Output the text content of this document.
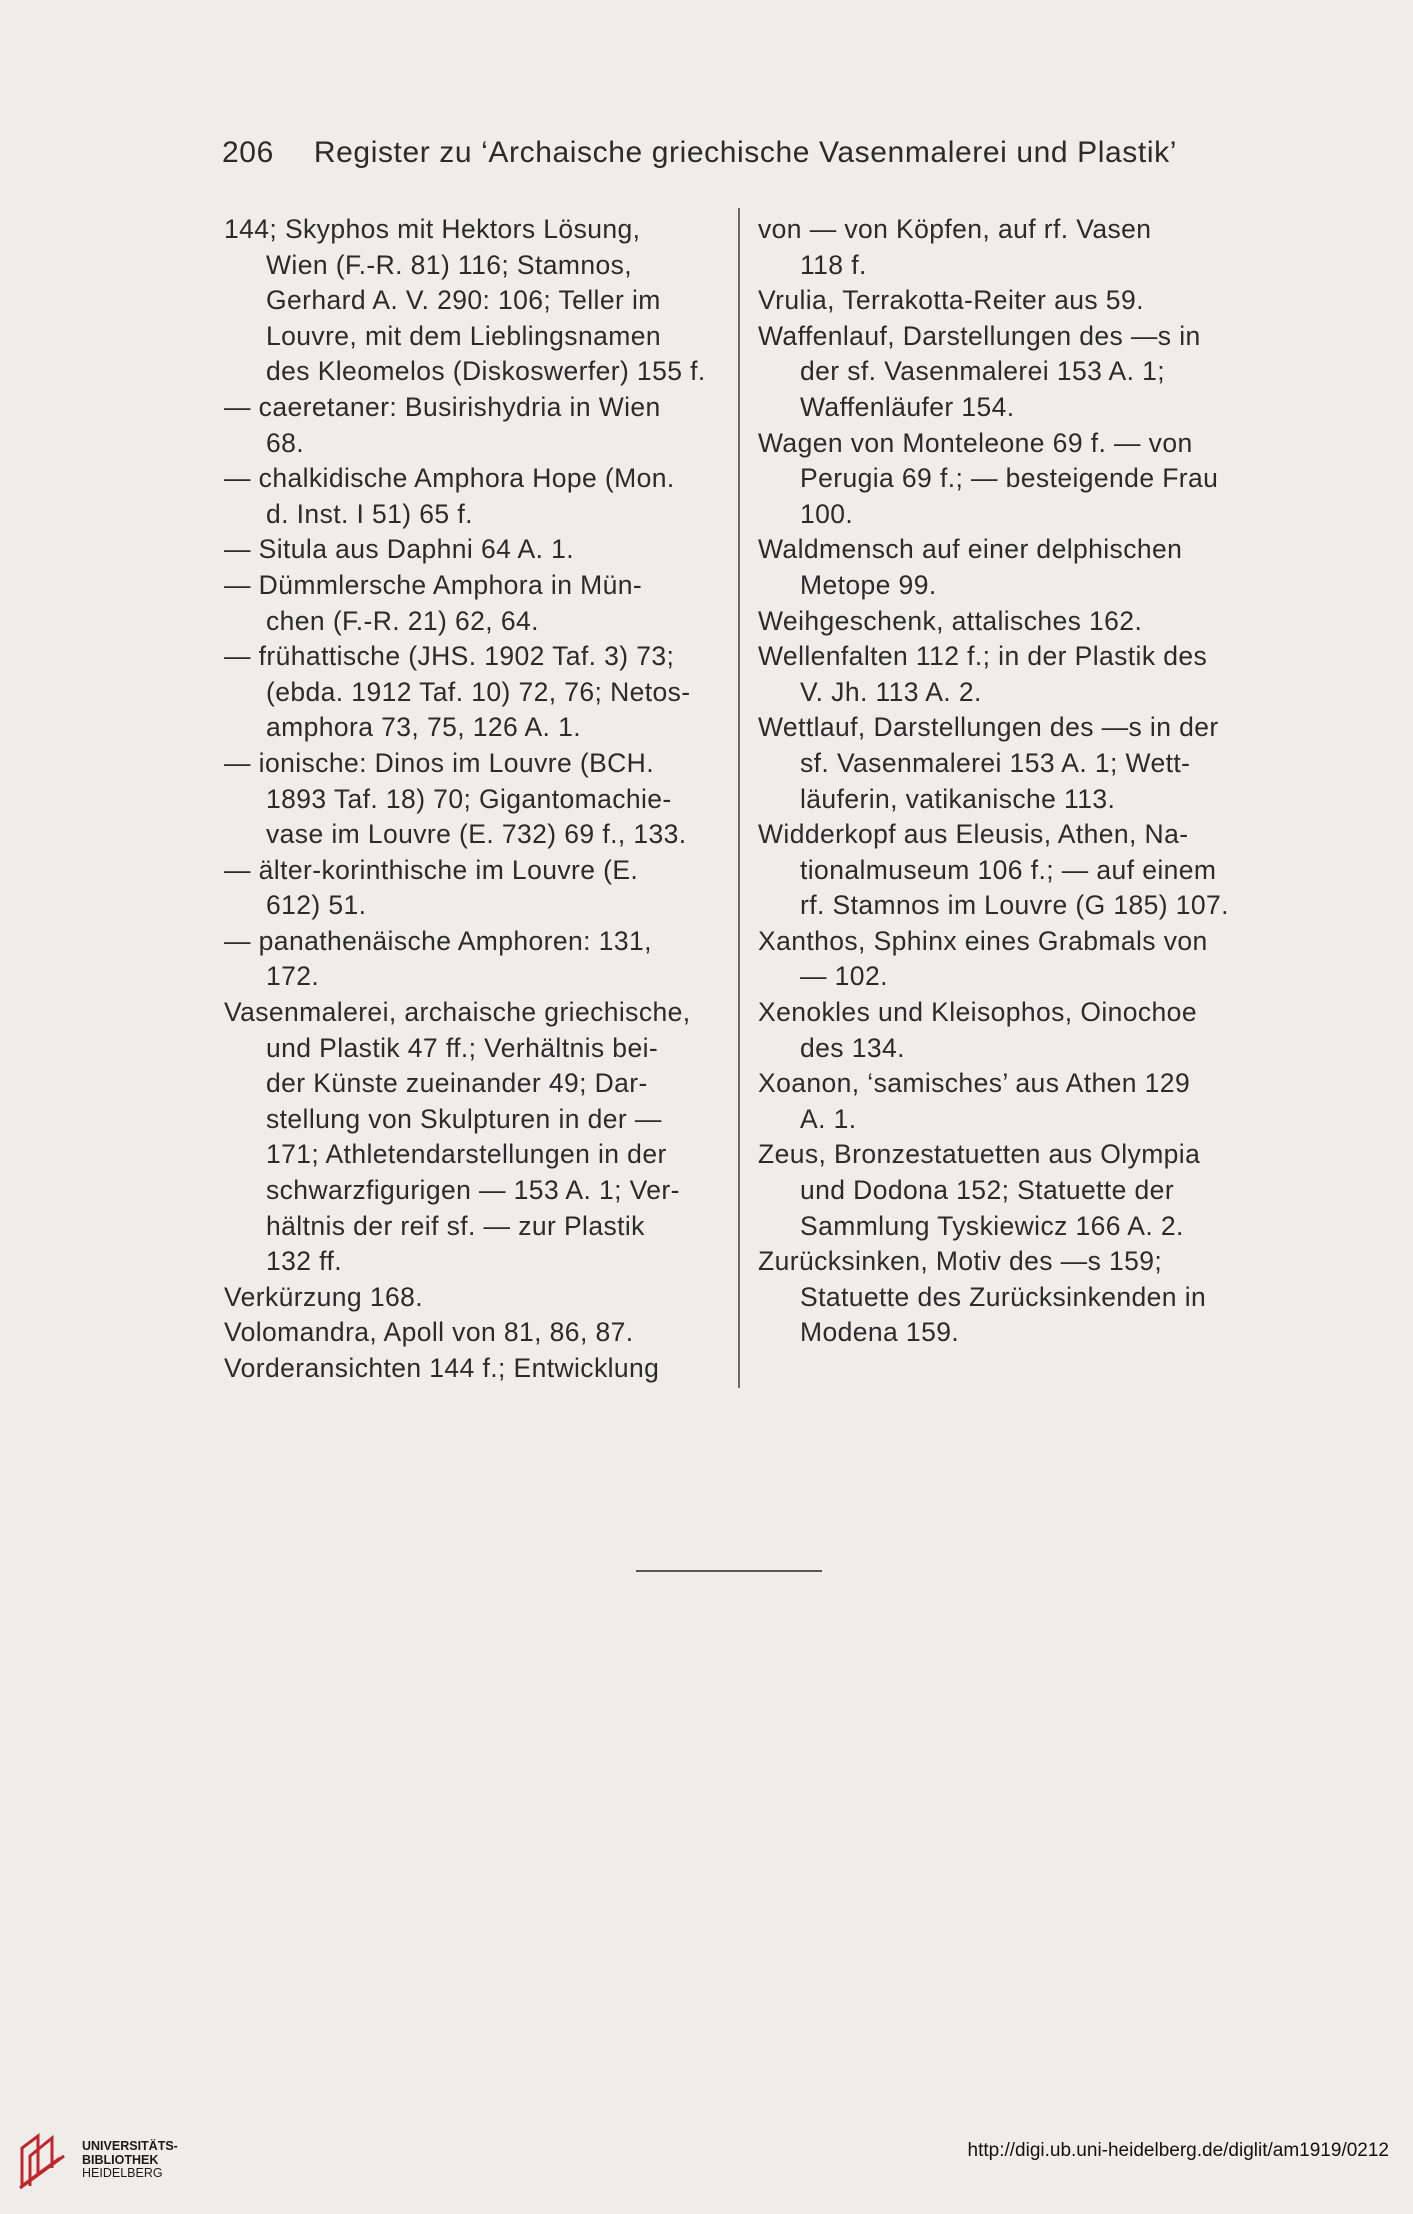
206 Register zu ‘Archaische griechische Vasenmalerei und Plastik’

144; Skyphos mit Hektors Lösung,

Wien (F.-R. 81) 116; Stamnos,

Gerhard A. V. 290: 106; Teller im

Louvre, mit dem Lieblingsnamen

des Kleomelos (Diskoswerfer) 155 f.

— caeretaner: Busirishydria in Wien

68.

— chalkidische Amphora Hope (Mon.

d. Inst. I 51) 65 f.

— Situla aus Daphni 64 A. 1.

— Dümmlersche Amphora in Mün-

chen (F.-R. 21) 62, 64.

— frühattische (JHS. 1902 Taf. 3) 73;

(ebda. 1912 Taf. 10) 72, 76; Netos-

amphora 73, 75, 126 A. 1.

— ionische: Dinos im Louvre (BCH.

1893 Taf. 18) 70; Gigantomachie-

vase im Louvre (E. 732) 69 f., 133.

— älter-korinthische im Louvre (E.

612) 51.

— panathenäische Amphoren: 131,

172.

Vasenmalerei, archaische griechische,

und Plastik 47 ff.; Verhältnis bei-

der Künste zueinander 49; Dar-

stellung von Skulpturen in der —

171; Athletendarstellungen in der

schwarzfigurigen — 153 A. 1; Ver-

hältnis der reif sf. — zur Plastik

132 ff.

Verkürzung 168.

Volomandra, Apoll von 81, 86, 87.

Vorderansichten 144 f.; Entwicklung

von — von Köpfen, auf rf. Vasen

118 f.

Vrulia, Terrakotta-Reiter aus 59.

Waffenlauf, Darstellungen des —s in

der sf. Vasenmalerei 153 A. 1;

Waffenläufer 154.

Wagen von Monteleone 69 f. — von

Perugia 69 f.; — besteigende Frau

100.

Waldmensch auf einer delphischen

Metope 99.

Weihgeschenk, attalisches 162.

Wellenfalten 112 f.; in der Plastik des

V. Jh. 113 A. 2.

Wettlauf, Darstellungen des —s in der

sf. Vasenmalerei 153 A. 1; Wett-

läuferin, vatikanische 113.

Widderkopf aus Eleusis, Athen, Na-

tionalmuseum 106 f.; — auf einem

rf. Stamnos im Louvre (G 185) 107.

Xanthos, Sphinx eines Grabmals von

— 102.

Xenokles und Kleisophos, Oinochoe

des 134.

Xoanon, ‘samisches’ aus Athen 129

A. 1.

Zeus, Bronzestatuetten aus Olympia

und Dodona 152; Statuette der

Sammlung Tyskiewicz 166 A. 2.

Zurücksinken, Motiv des —s 159;

Statuette des Zurücksinkenden in

Modena 159.

UNIVERSITÄTS-
BIBLIOTHEK
HEIDELBERG
http://digi.ub.uni-heidelberg.de/diglit/am1919/0212
